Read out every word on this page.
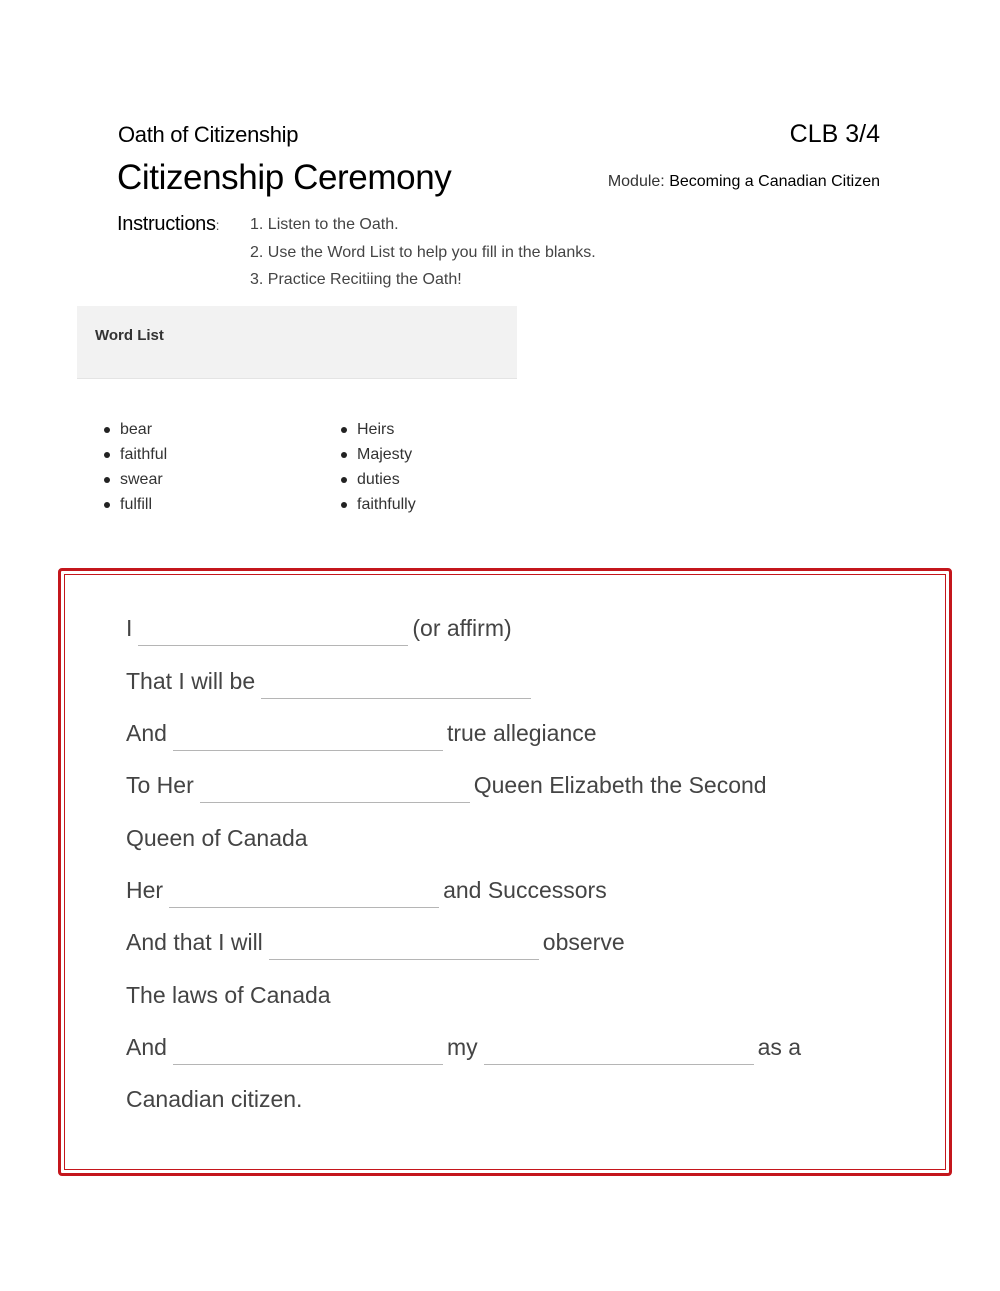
Oath of Citizenship	CLB 3/4
Citizenship Ceremony	Module: Becoming a Canadian Citizen
Instructions: 1. Listen to the Oath.
2. Use the Word List to help you fill in the blanks.
3. Practice Recitiing the Oath!
Word List
bear
faithful
swear
fulfill
Heirs
Majesty
duties
faithfully
I	(or affirm)
That I will be
And	true allegiance
To Her	Queen Elizabeth the Second
Queen of Canada
Her	and Successors
And that I will	observe
The laws of Canada
And	my	as a
Canadian citizen.
